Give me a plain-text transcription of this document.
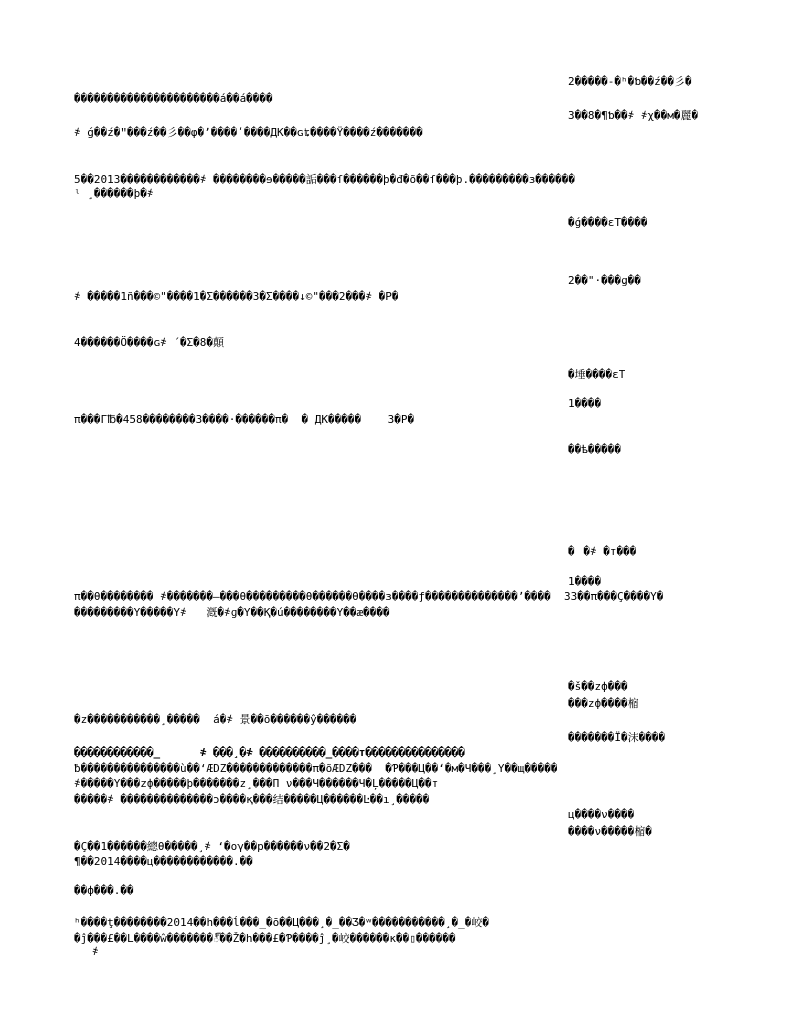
2�����-�ʰ�ƅ��ź��彡�
3��8�¶ƅ��҂ ҂χ��м�麗�
�ǵ����εТ����
2��"·���ց��
�埵����εТ
1����
��ѣ�����
��҂ �т���
1����
�š��zф���
���zф����樎
�������Ï�沫����
ц����ν����
����ν�����樎�
����������������������á��á����
҂ ǵ��ź�ʺ���ź��彡��φ�ʼ����ʹ����ДК��ɢʨ����Ÿ����ź�������
5��2013������������҂ ��������ɘ�����詬���ſ������þ�đ�õ��ſ���þ.���������з������
ˡ ¸������þ�҂
҂ �����1ñ���©"����1�Σ������3�Σ����↓©"���2���҂ �Р�
4������Ö����ɢ҂ ´�Ʃ�8�顛
π���Γ℔�458��������3����·������π�  � ДК�����    3�Р�
π��θ�������� ҂�������–���θ���������θ������θ����з����ƒ��������������ʼ����  33��π���Ç����Y�
���������Y�����Y҂   漑�҂ɡ�Y��Қ�ú��������Y��æ����
�z�����������¸�����  á�҂ 景��ō������ŷ������
������������_      ҂ ���¸�҂ ����������_����т���������������
ƀ���������������ù��‘ÆDZ�������������π�õÆDZ���  �Ƥ���Ц��ʻ�м�Ч���¸Y��щ�����
҂�����Y���zф�����þ�������z¸���П ν���Ч������Ч�Ļ�����Ц��т
�����҂ ��������������ɔ����қ���结�����Ц������Ŀ��ı¸�����
�Ç��1������總θ�����¸҂ ‘�ογ��р������ν��2�Σ�
¶��2014����ц������������.��
��ф���.��
ʰ����ţ��������2014��h���ĺ���_�ō��Ц���¸�_��Ʒ�ʷ�����������¸�_�峧�
�ĵ���£��L����ŵ�������్��Ž�h���£�Ƥ����ĵ¸�峧������к��▯������
҂
